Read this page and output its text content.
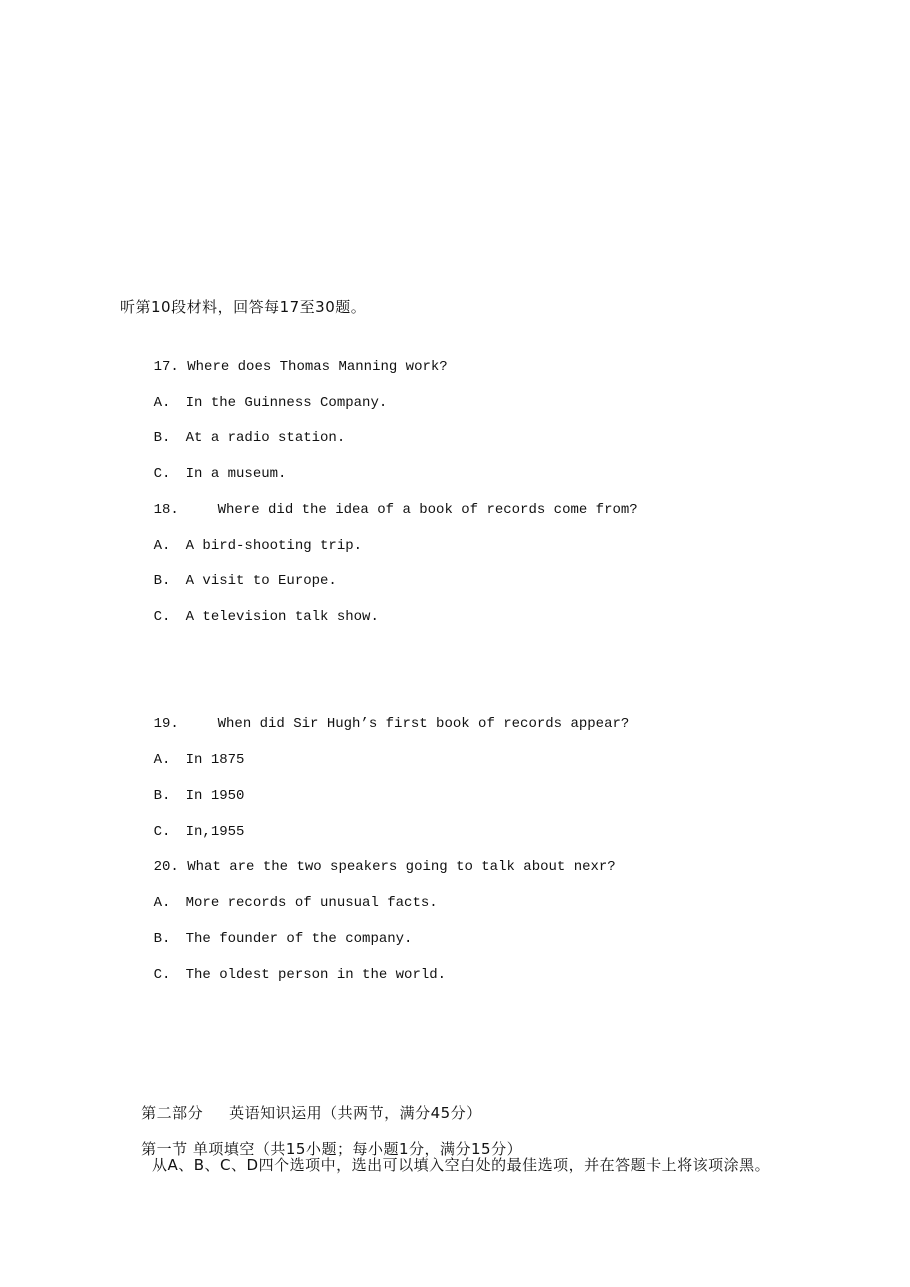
听第10段材料，回答每17至30题。

17. Where does Thomas Manning work?

A. In the Guinness Company.

B. At a radio station.

C. In a museum.

18.	Where did the idea of a book of records come from?

A. A bird-shooting trip.

B. A visit to Europe.

C. A television talk show.

19.	When did Sir Hugh’s first book of records appear?

A. In 1875

B. In 1950

C. In,1955

20. What are the two speakers going to talk about nexr?

A. More records of unusual facts.

B. The founder of the company.

C. The oldest person in the world.

第二部分 英语知识运用（共两节，满分45分）

第一节 单项填空（共15小题；每小题1分，满分15分）

从A、B、C、D四个选项中，选出可以填入空白处的最佳选项，并在答题卡上将该项涂黑。
